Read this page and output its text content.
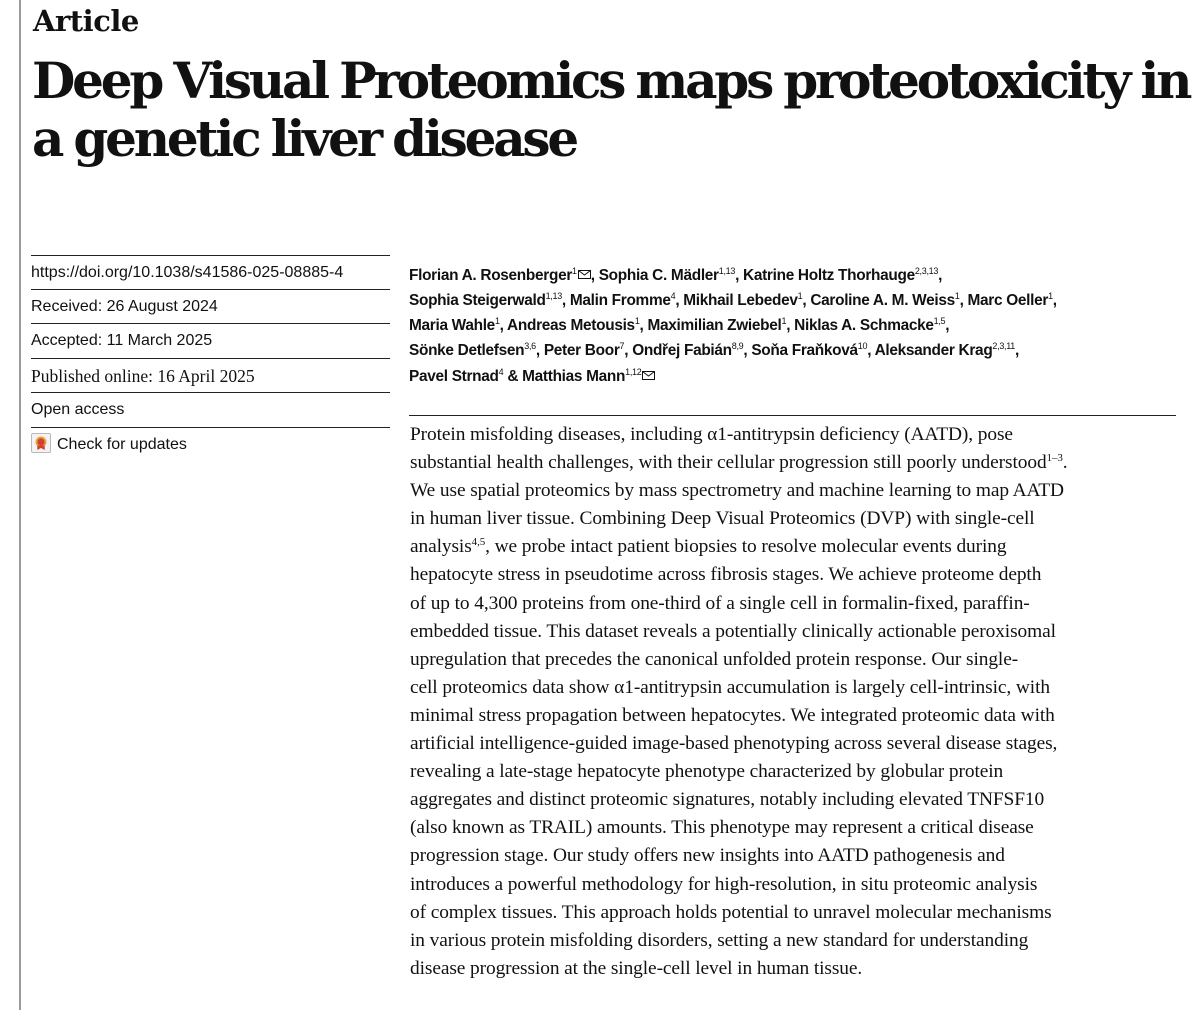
Article
Deep Visual Proteomics maps proteotoxicity in a genetic liver disease
https://doi.org/10.1038/s41586-025-08885-4
Received: 26 August 2024
Accepted: 11 March 2025
Published online: 16 April 2025
Open access
Check for updates
Florian A. Rosenberger$^1$ , Sophia C. Mädler$^{1,13}$, Katrine Holtz Thorhauge$^{2,3,13}$,
Sophia Steigerwald$^{1,13}$, Malin Fromme$^4$, Mikhail Lebedev$^1$, Caroline A. M. Weiss$^1$, Marc Oeller$^1$,
Maria Wahle$^1$, Andreas Metousis$^1$, Maximilian Zwiebel$^1$, Niklas A. Schmacke$^{1,5}$,
Sönke Detlefsen$^{3,6}$, Peter Boor$^7$, Ondřej Fabián$^{8,9}$, Soňa Fraňková$^{10}$, Aleksander Krag$^{2,3,11}$,
Pavel Strnad$^4$ & Matthias Mann$^{1,12}$
Protein misfolding diseases, including α1-antitrypsin deficiency (AATD), pose
substantial health challenges, with their cellular progression still poorly understood$^{1-3}$.
We use spatial proteomics by mass spectrometry and machine learning to map AATD
in human liver tissue. Combining Deep Visual Proteomics (DVP) with single-cell
analysis$^{4,5}$, we probe intact patient biopsies to resolve molecular events during
hepatocyte stress in pseudotime across fibrosis stages. We achieve proteome depth
of up to 4,300 proteins from one-third of a single cell in formalin-fixed, paraffin-
embedded tissue. This dataset reveals a potentially clinically actionable peroxisomal
upregulation that precedes the canonical unfolded protein response. Our single-
cell proteomics data show α1-antitrypsin accumulation is largely cell-intrinsic, with
minimal stress propagation between hepatocytes. We integrated proteomic data with
artificial intelligence-guided image-based phenotyping across several disease stages,
revealing a late-stage hepatocyte phenotype characterized by globular protein
aggregates and distinct proteomic signatures, notably including elevated TNFSF10
(also known as TRAIL) amounts. This phenotype may represent a critical disease
progression stage. Our study offers new insights into AATD pathogenesis and
introduces a powerful methodology for high-resolution, in situ proteomic analysis
of complex tissues. This approach holds potential to unravel molecular mechanisms
in various protein misfolding disorders, setting a new standard for understanding
disease progression at the single-cell level in human tissue.
